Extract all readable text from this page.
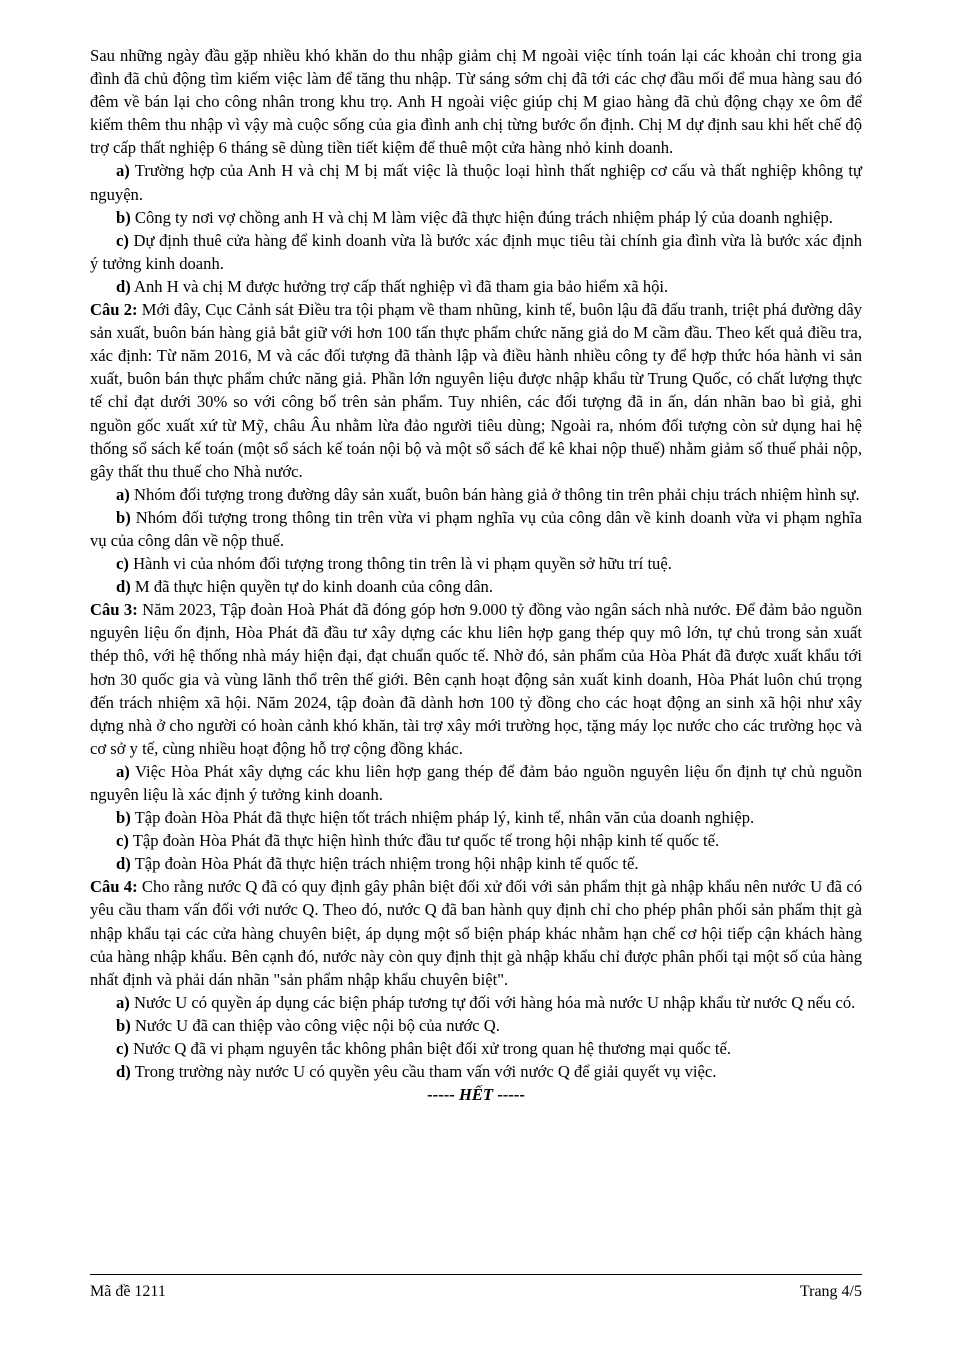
Sau những ngày đầu gặp nhiều khó khăn do thu nhập giảm chị M ngoài việc tính toán lại các khoản chi trong gia đình đã chủ động tìm kiếm việc làm để tăng thu nhập. Từ sáng sớm chị đã tới các chợ đầu mối để mua hàng sau đó đêm về bán lại cho công nhân trong khu trọ. Anh H ngoài việc giúp chị M giao hàng đã chủ động chạy xe ôm để kiếm thêm thu nhập vì vậy mà cuộc sống của gia đình anh chị từng bước ổn định. Chị M dự định sau khi hết chế độ trợ cấp thất nghiệp 6 tháng sẽ dùng tiền tiết kiệm để thuê một cửa hàng nhỏ kinh doanh.

a) Trường hợp của Anh H và chị M bị mất việc là thuộc loại hình thất nghiệp cơ cấu và thất nghiệp không tự nguyện.

b) Công ty nơi vợ chồng anh H và chị M làm việc đã thực hiện đúng trách nhiệm pháp lý của doanh nghiệp.

c) Dự định thuê cửa hàng để kinh doanh vừa là bước xác định mục tiêu tài chính gia đình vừa là bước xác định ý tưởng kinh doanh.

d) Anh H và chị M được hưởng trợ cấp thất nghiệp vì đã tham gia bảo hiểm xã hội.

Câu 2: Mới đây, Cục Cảnh sát Điều tra tội phạm về tham nhũng, kinh tế, buôn lậu đã đấu tranh, triệt phá đường dây sản xuất, buôn bán hàng giả bắt giữ với hơn 100 tấn thực phẩm chức năng giả do M cầm đầu. Theo kết quả điều tra, xác định: Từ năm 2016, M và các đối tượng đã thành lập và điều hành nhiều công ty để hợp thức hóa hành vi sản xuất, buôn bán thực phẩm chức năng giả. Phần lớn nguyên liệu được nhập khẩu từ Trung Quốc, có chất lượng thực tế chỉ đạt dưới 30% so với công bố trên sản phẩm. Tuy nhiên, các đối tượng đã in ấn, dán nhãn bao bì giả, ghi nguồn gốc xuất xứ từ Mỹ, châu Âu nhằm lừa đảo người tiêu dùng; Ngoài ra, nhóm đối tượng còn sử dụng hai hệ thống sổ sách kế toán (một sổ sách kế toán nội bộ và một sổ sách để kê khai nộp thuế) nhằm giảm số thuế phải nộp, gây thất thu thuế cho Nhà nước.

a) Nhóm đối tượng trong đường dây sản xuất, buôn bán hàng giả ở thông tin trên phải chịu trách nhiệm hình sự.

b) Nhóm đối tượng trong thông tin trên vừa vi phạm nghĩa vụ của công dân về kinh doanh vừa vi phạm nghĩa vụ của công dân về nộp thuế.

c) Hành vi của nhóm đối tượng trong thông tin trên là vi phạm quyền sở hữu trí tuệ.

d) M đã thực hiện quyền tự do kinh doanh của công dân.

Câu 3: Năm 2023, Tập đoàn Hoà Phát đã đóng góp hơn 9.000 tỷ đồng vào ngân sách nhà nước. Để đảm bảo nguồn nguyên liệu ổn định, Hòa Phát đã đầu tư xây dựng các khu liên hợp gang thép quy mô lớn, tự chủ trong sản xuất thép thô, với hệ thống nhà máy hiện đại, đạt chuẩn quốc tế. Nhờ đó, sản phẩm của Hòa Phát đã được xuất khẩu tới hơn 30 quốc gia và vùng lãnh thổ trên thế giới. Bên cạnh hoạt động sản xuất kinh doanh, Hòa Phát luôn chú trọng đến trách nhiệm xã hội. Năm 2024, tập đoàn đã dành hơn 100 tỷ đồng cho các hoạt động an sinh xã hội như xây dựng nhà ở cho người có hoàn cảnh khó khăn, tài trợ xây mới trường học, tặng máy lọc nước cho các trường học và cơ sở y tế, cùng nhiều hoạt động hỗ trợ cộng đồng khác.

a) Việc Hòa Phát xây dựng các khu liên hợp gang thép để đảm bảo nguồn nguyên liệu ổn định tự chủ nguồn nguyên liệu là xác định ý tưởng kinh doanh.

b) Tập đoàn Hòa Phát đã thực hiện tốt trách nhiệm pháp lý, kinh tế, nhân văn của doanh nghiệp.

c) Tập đoàn Hòa Phát đã thực hiện hình thức đầu tư quốc tế trong hội nhập kinh tế quốc tế.

d) Tập đoàn Hòa Phát đã thực hiện trách nhiệm trong hội nhập kinh tế quốc tế.

Câu 4: Cho rằng nước Q đã có quy định gây phân biệt đối xử đối với sản phẩm thịt gà nhập khẩu nên nước U đã có yêu cầu tham vấn đối với nước Q. Theo đó, nước Q đã ban hành quy định chỉ cho phép phân phối sản phẩm thịt gà nhập khẩu tại các cửa hàng chuyên biệt, áp dụng một số biện pháp khác nhằm hạn chế cơ hội tiếp cận khách hàng của hàng nhập khẩu. Bên cạnh đó, nước này còn quy định thịt gà nhập khẩu chỉ được phân phối tại một số của hàng nhất định và phải dán nhãn "sản phẩm nhập khẩu chuyên biệt".

a) Nước U có quyền áp dụng các biện pháp tương tự đối với hàng hóa mà nước U nhập khẩu từ nước Q nếu có.

b) Nước U đã can thiệp vào công việc nội bộ của nước Q.

c) Nước Q đã vi phạm nguyên tắc không phân biệt đối xử trong quan hệ thương mại quốc tế.

d) Trong trường này nước U có quyền yêu cầu tham vấn với nước Q để giải quyết vụ việc.

----- HẾT -----

Mã đề 1211	Trang 4/5
